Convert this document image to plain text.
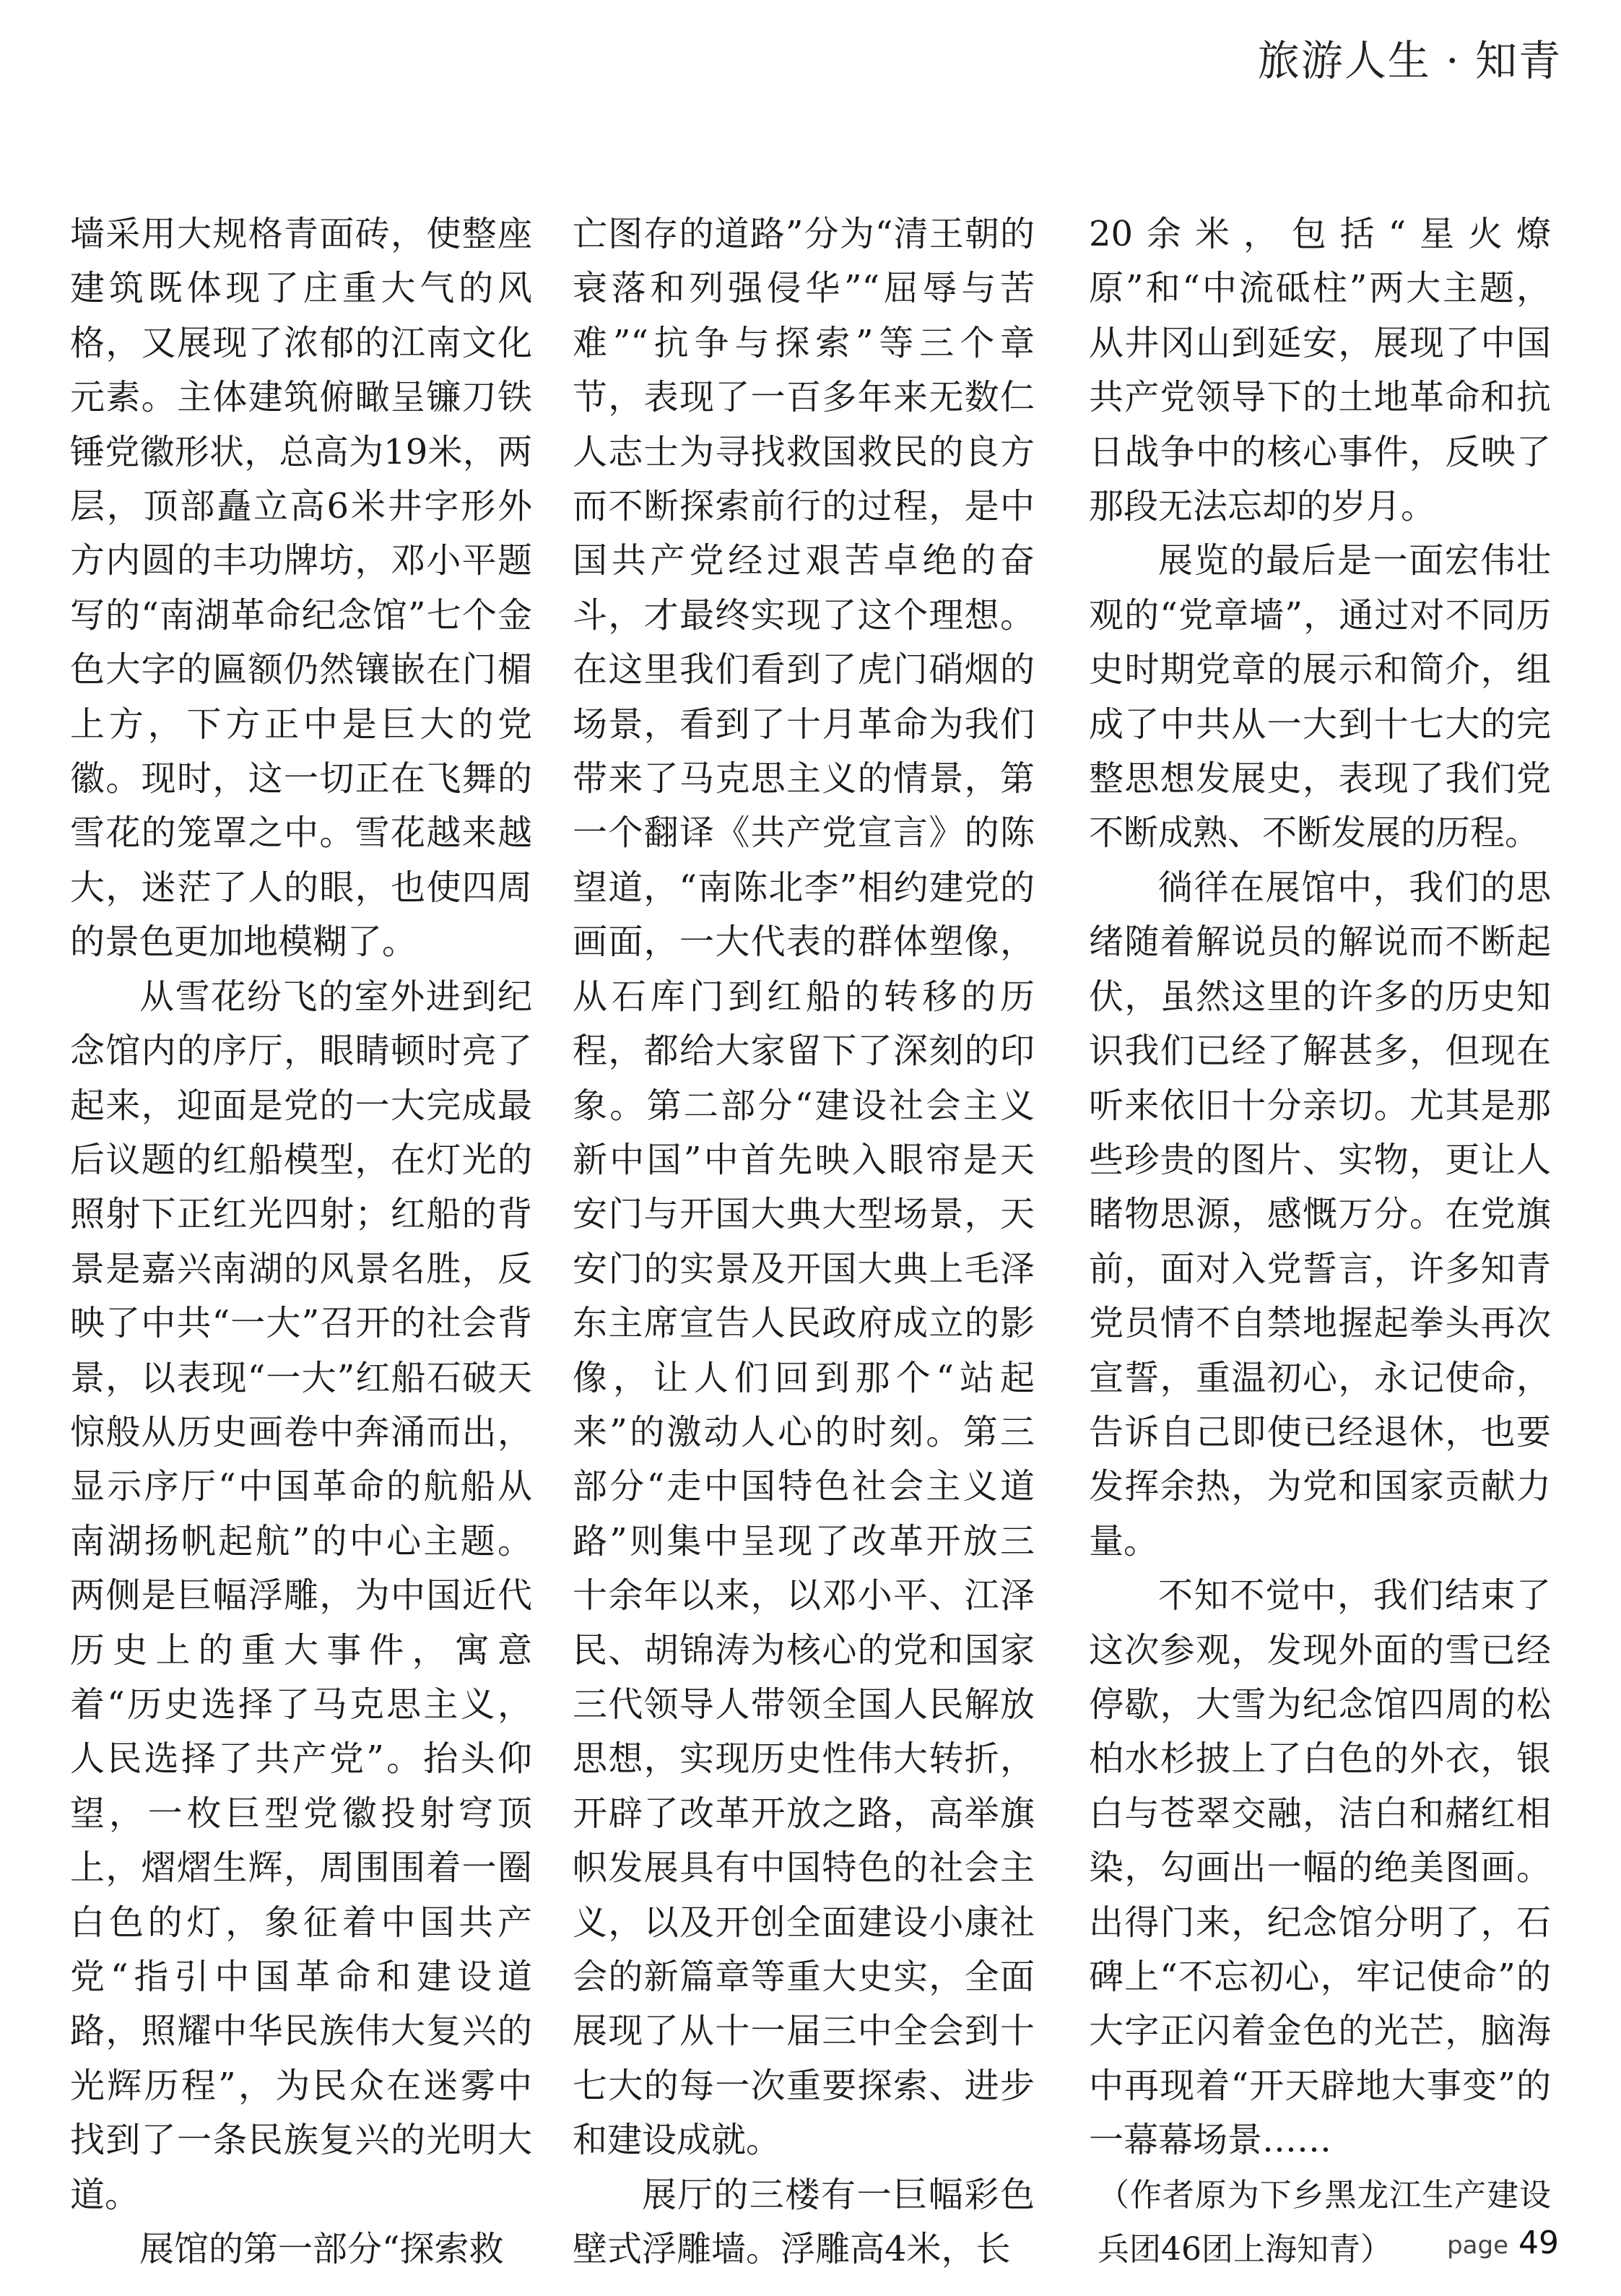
旅游人生 · 知青

墙采用大规格青面砖，使整座建筑既体现了庄重大气的风格，又展现了浓郁的江南文化元素。主体建筑俯瞰呈镰刀铁锤党徽形状，总高为19米，两层，顶部矗立高6米井字形外方内圆的丰功牌坊，邓小平题写的“南湖革命纪念馆”七个金色大字的匾额仍然镶嵌在门楣上方，下方正中是巨大的党徽。现时，这一切正在飞舞的雪花的笼罩之中。雪花越来越大，迷茫了人的眼，也使四周的景色更加地模糊了。

从雪花纷飞的室外进到纪念馆内的序厅，眼睛顿时亮了起来，迎面是党的一大完成最后议题的红船模型，在灯光的照射下正红光四射；红船的背景是嘉兴南湖的风景名胜，反映了中共“一大”召开的社会背景，以表现“一大”红船石破天惊般从历史画卷中奔涌而出，显示序厅“中国革命的航船从南湖扬帆起航”的中心主题。两侧是巨幅浮雕，为中国近代历史上的重大事件，寓意着“历史选择了马克思主义，人民选择了共产党”。抬头仰望，一枚巨型党徽投射穹顶上，熠熠生辉，周围围着一圈白色的灯，象征着中国共产党“指引中国革命和建设道路，照耀中华民族伟大复兴的光辉历程”，为民众在迷雾中找到了一条民族复兴的光明大道。

展馆的第一部分“探索救

亡图存的道路”分为“清王朝的衰落和列强侵华”“屈辱与苦难”“抗争与探索”等三个章节，表现了一百多年来无数仁人志士为寻找救国救民的良方而不断探索前行的过程，是中国共产党经过艰苦卓绝的奋斗，才最终实现了这个理想。在这里我们看到了虎门硝烟的场景，看到了十月革命为我们带来了马克思主义的情景，第一个翻译《共产党宣言》的陈望道，“南陈北李”相约建党的画面，一大代表的群体塑像，从石库门到红船的转移的历程，都给大家留下了深刻的印象。第二部分“建设社会主义新中国”中首先映入眼帘是天安门与开国大典大型场景，天安门的实景及开国大典上毛泽东主席宣告人民政府成立的影像，让人们回到那个“站起来”的激动人心的时刻。第三部分“走中国特色社会主义道路”则集中呈现了改革开放三十余年以来，以邓小平、江泽民、胡锦涛为核心的党和国家三代领导人带领全国人民解放思想，实现历史性伟大转折，开辟了改革开放之路，高举旗帜发展具有中国特色的社会主义，以及开创全面建设小康社会的新篇章等重大史实，全面展现了从十一届三中全会到十七大的每一次重要探索、进步和建设成就。

展厅的三楼有一巨幅彩色壁式浮雕墙。浮雕高4米，长

20余米，包括“星火燎原”和“中流砥柱”两大主题，从井冈山到延安，展现了中国共产党领导下的土地革命和抗日战争中的核心事件，反映了那段无法忘却的岁月。

展览的最后是一面宏伟壮观的“党章墙”，通过对不同历史时期党章的展示和简介，组成了中共从一大到十七大的完整思想发展史，表现了我们党不断成熟、不断发展的历程。

徜徉在展馆中，我们的思绪随着解说员的解说而不断起伏，虽然这里的许多的历史知识我们已经了解甚多，但现在听来依旧十分亲切。尤其是那些珍贵的图片、实物，更让人睹物思源，感慨万分。在党旗前，面对入党誓言，许多知青党员情不自禁地握起拳头再次宣誓，重温初心，永记使命，告诉自己即使已经退休，也要发挥余热，为党和国家贡献力量。

不知不觉中，我们结束了这次参观，发现外面的雪已经停歇，大雪为纪念馆四周的松柏水杉披上了白色的外衣，银白与苍翠交融，洁白和赭红相染，勾画出一幅的绝美图画。出得门来，纪念馆分明了，石碑上“不忘初心，牢记使命”的大字正闪着金色的光芒，脑海中再现着“开天辟地大事变”的一幕幕场景……

（作者原为下乡黑龙江生产建设兵团46团上海知青）	page 49
